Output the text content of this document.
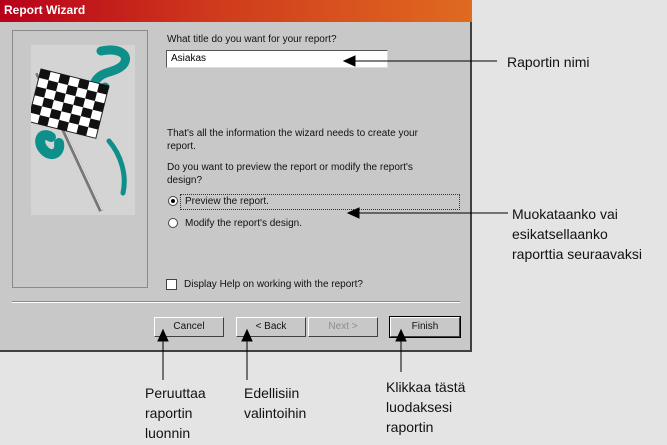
Report Wizard
What title do you want for your report?
Asiakas
That's all the information the wizard needs to create your
report.
Do you want to preview the report or modify the report's
design?
Preview the report.
Modify the report's design.
Display Help on working with the report?
Cancel	< Back	Next >	Finish
Raportin nimi
Muokataanko vai
esikatsellaanko
raporttia seuraavaksi
Peruuttaa
raportin
luonnin
Edellisiin
valintoihin
Klikkaa tästä
luodaksesi
raportin
